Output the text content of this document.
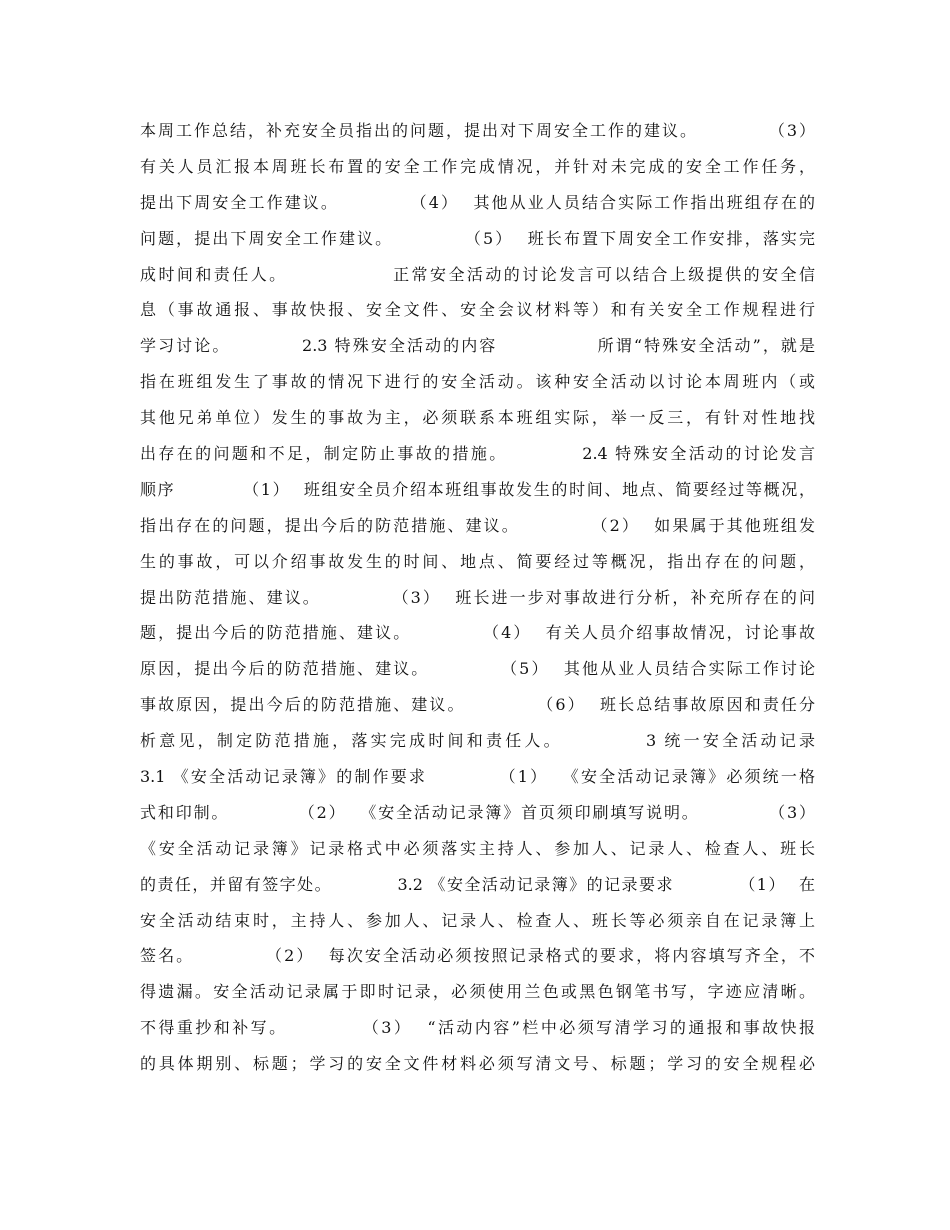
本周工作总结，补充安全员指出的问题，提出对下周安全工作的建议。          （3）
有关人员汇报本周班长布置的安全工作完成情况，并针对未完成的安全工作任务，
提出下周安全工作建议。          （4）  其他从业人员结合实际工作指出班组存在的
问题，提出下周安全工作建议。          （5）  班长布置下周安全工作安排，落实完
成时间和责任人。              正常安全活动的讨论发言可以结合上级提供的安全信
息（事故通报、事故快报、安全文件、安全会议材料等）和有关安全工作规程进行
学习讨论。          2.3 特殊安全活动的内容              所谓“特殊安全活动”，就是
指在班组发生了事故的情况下进行的安全活动。该种安全活动以讨论本周班内（或
其他兄弟单位）发生的事故为主，必须联系本班组实际，举一反三，有针对性地找
出存在的问题和不足，制定防止事故的措施。          2.4 特殊安全活动的讨论发言
顺序          （1）  班组安全员介绍本班组事故发生的时间、地点、简要经过等概况，
指出存在的问题，提出今后的防范措施、建议。          （2）  如果属于其他班组发
生的事故，可以介绍事故发生的时间、地点、简要经过等概况，指出存在的问题，
提出防范措施、建议。          （3）  班长进一步对事故进行分析，补充所存在的问
题，提出今后的防范措施、建议。          （4）  有关人员介绍事故情况，讨论事故
原因，提出今后的防范措施、建议。          （5）  其他从业人员结合实际工作讨论
事故原因，提出今后的防范措施、建议。          （6）  班长总结事故原因和责任分
析意见，制定防范措施，落实完成时间和责任人。          3 统一安全活动记录
3.1 《安全活动记录簿》的制作要求          （1）  《安全活动记录簿》必须统一格
式和印制。          （2）  《安全活动记录簿》首页须印刷填写说明。          （3）
《安全活动记录簿》记录格式中必须落实主持人、参加人、记录人、检查人、班长
的责任，并留有签字处。          3.2 《安全活动记录簿》的记录要求          （1）  在
安全活动结束时，主持人、参加人、记录人、检查人、班长等必须亲自在记录簿上
签名。          （2）  每次安全活动必须按照记录格式的要求，将内容填写齐全，不
得遗漏。安全活动记录属于即时记录，必须使用兰色或黑色钢笔书写，字迹应清晰。
不得重抄和补写。          （3）  “活动内容”栏中必须写清学习的通报和事故快报
的具体期别、标题；学习的安全文件材料必须写清文号、标题；学习的安全规程必
